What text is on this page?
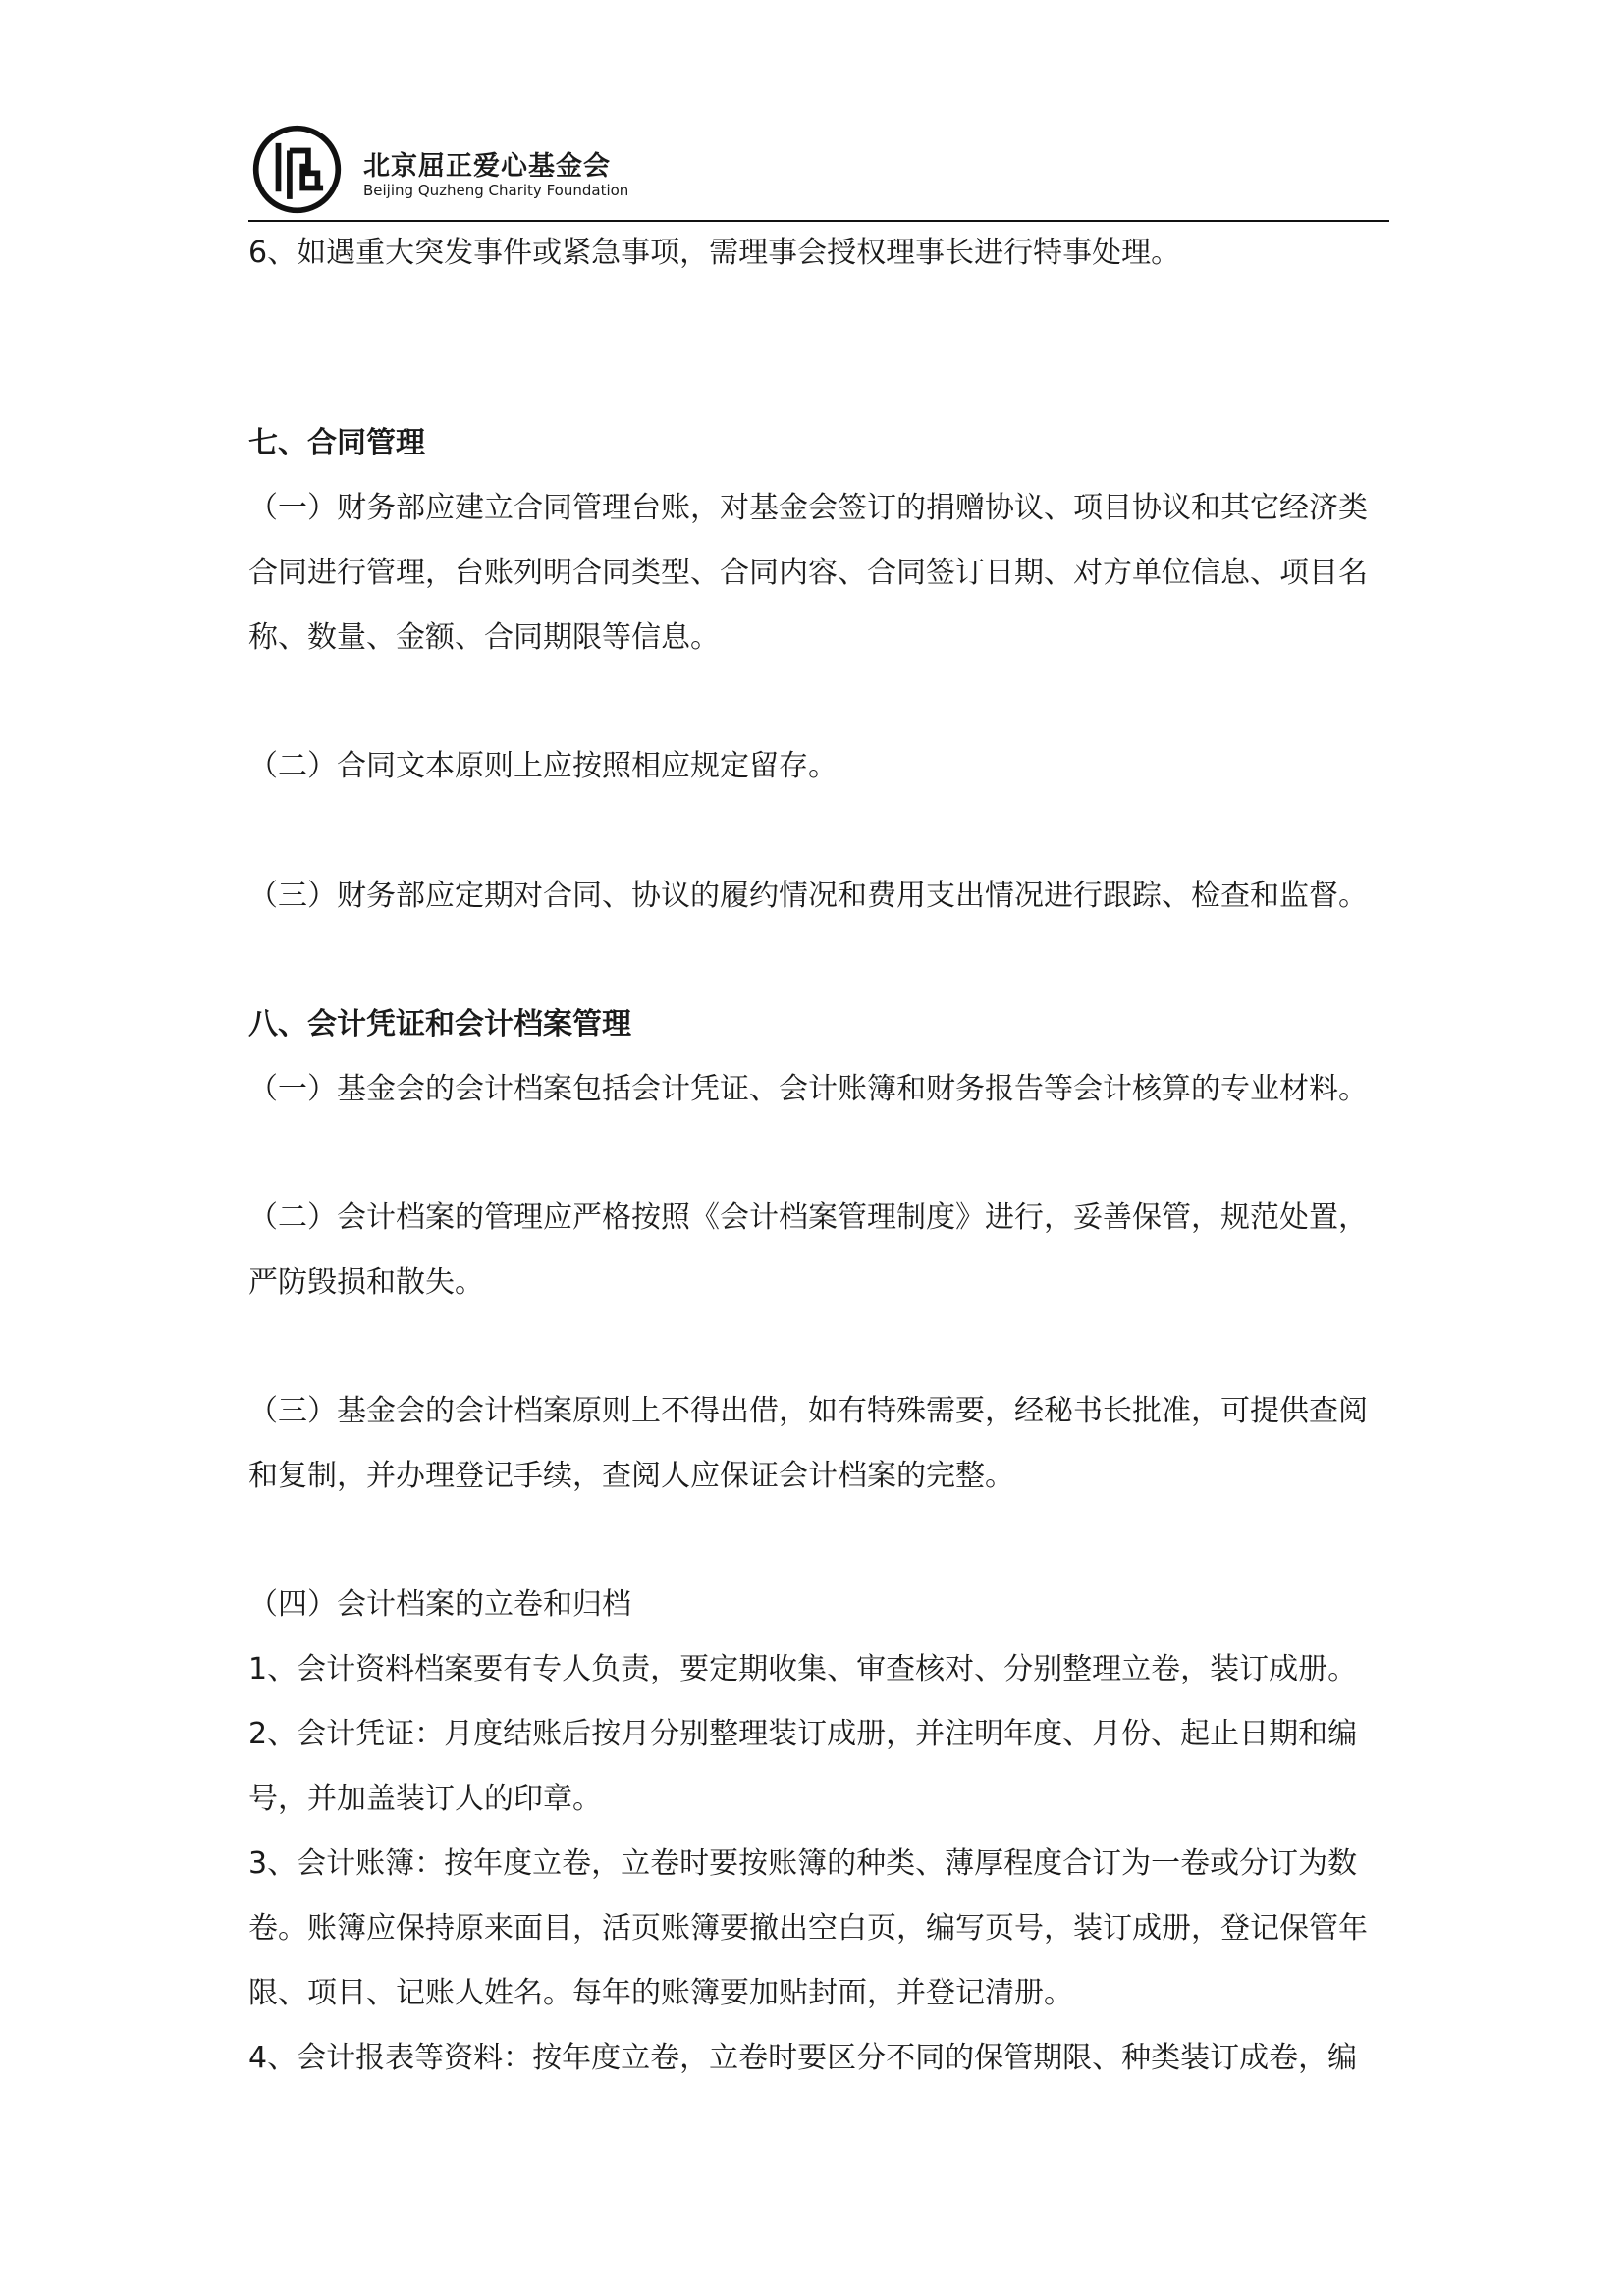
北京屈正爱心基金会
Beijing Quzheng Charity Foundation
6、如遇重大突发事件或紧急事项，需理事会授权理事长进行特事处理。
七、合同管理
（一）财务部应建立合同管理台账，对基金会签订的捐赠协议、项目协议和其它经济类
合同进行管理，台账列明合同类型、合同内容、合同签订日期、对方单位信息、项目名
称、数量、金额、合同期限等信息。
（二）合同文本原则上应按照相应规定留存。
（三）财务部应定期对合同、协议的履约情况和费用支出情况进行跟踪、检查和监督。
八、会计凭证和会计档案管理
（一）基金会的会计档案包括会计凭证、会计账簿和财务报告等会计核算的专业材料。
（二）会计档案的管理应严格按照《会计档案管理制度》进行，妥善保管，规范处置，
严防毁损和散失。
（三）基金会的会计档案原则上不得出借，如有特殊需要，经秘书长批准，可提供查阅
和复制，并办理登记手续，查阅人应保证会计档案的完整。
（四）会计档案的立卷和归档
1、会计资料档案要有专人负责，要定期收集、审查核对、分别整理立卷，装订成册。
2、会计凭证：月度结账后按月分别整理装订成册，并注明年度、月份、起止日期和编
号，并加盖装订人的印章。
3、会计账簿：按年度立卷，立卷时要按账簿的种类、薄厚程度合订为一卷或分订为数
卷。账簿应保持原来面目，活页账簿要撤出空白页，编写页号，装订成册，登记保管年
限、项目、记账人姓名。每年的账簿要加贴封面，并登记清册。
4、会计报表等资料：按年度立卷，立卷时要区分不同的保管期限、种类装订成卷，编
